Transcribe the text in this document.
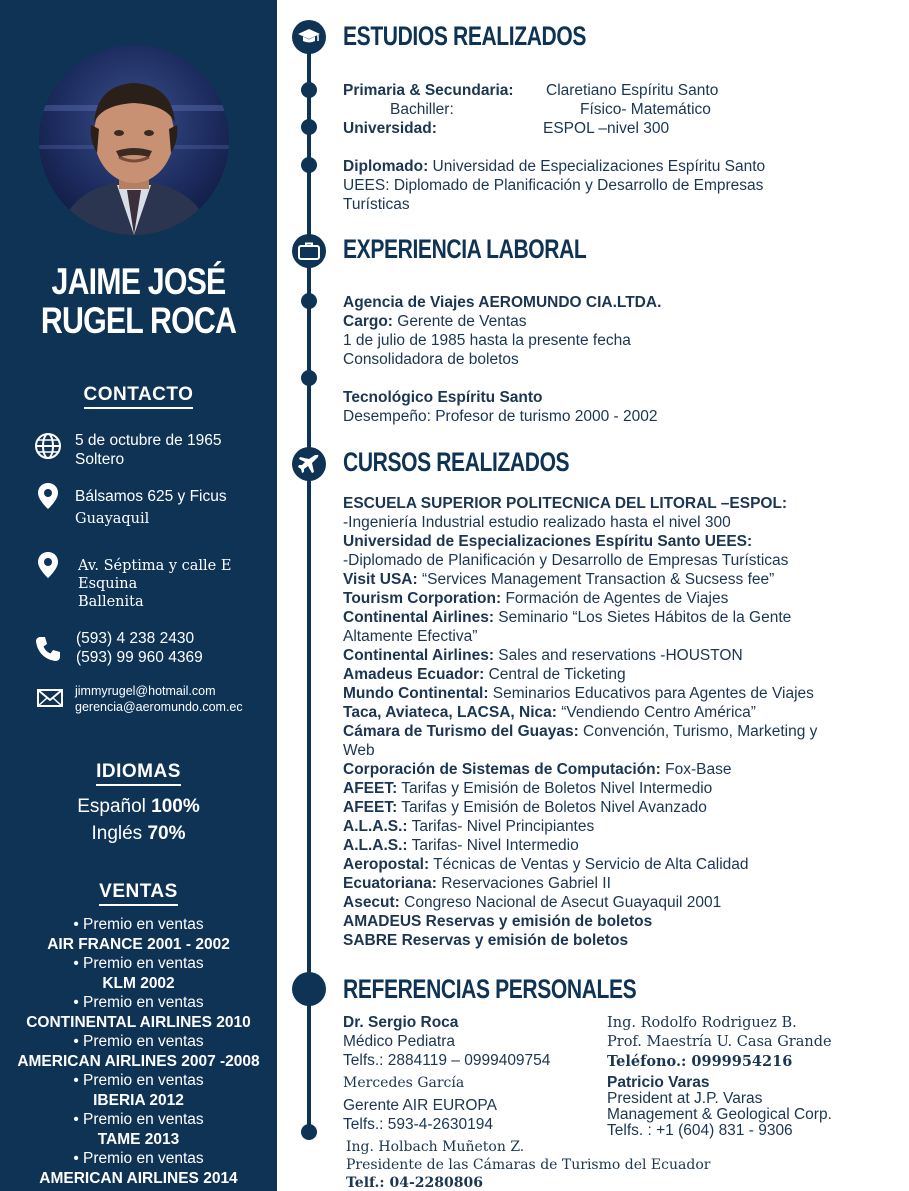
JAIME JOSÉ
RUGEL ROCA
CONTACTO
5 de octubre de 1965
Soltero
Bálsamos 625 y Ficus
Guayaquil
Av. Séptima y calle E
Esquina
Ballenita
(593) 4 238 2430
(593) 99 960 4369
jimmyrugel@hotmail.com
gerencia@aeromundo.com.ec
IDIOMAS
Español 100%
Inglés 70%
VENTAS
• Premio en ventas
AIR FRANCE 2001 - 2002
• Premio en ventas
KLM 2002
• Premio en ventas
CONTINENTAL AIRLINES 2010
• Premio en ventas
AMERICAN AIRLINES 2007 -2008
• Premio en ventas
IBERIA 2012
• Premio en ventas
TAME 2013
• Premio en ventas
AMERICAN AIRLINES 2014
ESTUDIOS REALIZADOS
Primaria & Secundaria: Claretiano Espíritu Santo
Bachiller:	Físico- Matemático
Universidad:	ESPOL –nivel 300
Diplomado: Universidad de Especializaciones Espíritu Santo
UEES: Diplomado de Planificación y Desarrollo de Empresas
Turísticas
EXPERIENCIA LABORAL
Agencia de Viajes AEROMUNDO CIA.LTDA.
Cargo: Gerente de Ventas
1 de julio de 1985 hasta la presente fecha
Consolidadora de boletos
Tecnológico Espíritu Santo
Desempeño: Profesor de turismo 2000 - 2002
CURSOS REALIZADOS
ESCUELA SUPERIOR POLITECNICA DEL LITORAL –ESPOL:
-Ingeniería Industrial estudio realizado hasta el nivel 300
Universidad de Especializaciones Espíritu Santo UEES:
-Diplomado de Planificación y Desarrollo de Empresas Turísticas
Visit USA: “Services Management Transaction & Sucsess fee”
Tourism Corporation: Formación de Agentes de Viajes
Continental Airlines: Seminario “Los Sietes Hábitos de la Gente
Altamente Efectiva”
Continental Airlines: Sales and reservations -HOUSTON
Amadeus Ecuador: Central de Ticketing
Mundo Continental: Seminarios Educativos para Agentes de Viajes
Taca, Aviateca, LACSA, Nica: “Vendiendo Centro América”
Cámara de Turismo del Guayas: Convención, Turismo, Marketing y
Web
Corporación de Sistemas de Computación: Fox-Base
AFEET: Tarifas y Emisión de Boletos Nivel Intermedio
AFEET: Tarifas y Emisión de Boletos Nivel Avanzado
A.L.A.S.: Tarifas- Nivel Principiantes
A.L.A.S.: Tarifas- Nivel Intermedio
Aeropostal: Técnicas de Ventas y Servicio de Alta Calidad
Ecuatoriana: Reservaciones Gabriel II
Asecut: Congreso Nacional de Asecut Guayaquil 2001
AMADEUS Reservas y emisión de boletos
SABRE Reservas y emisión de boletos
REFERENCIAS PERSONALES
Dr. Sergio Roca
Médico Pediatra
Telfs.: 2884119 – 0999409754
Mercedes García
Gerente AIR EUROPA
Telfs.: 593-4-2630194
Ing. Rodolfo Rodriguez B.
Prof. Maestría U. Casa Grande
Teléfono.: 0999954216
Patricio Varas
President at J.P. Varas
Management & Geological Corp.
Telfs. : +1 (604) 831 - 9306
Ing. Holbach Muñeton Z.
Presidente de las Cámaras de Turismo del Ecuador
Telf.: 04-2280806
